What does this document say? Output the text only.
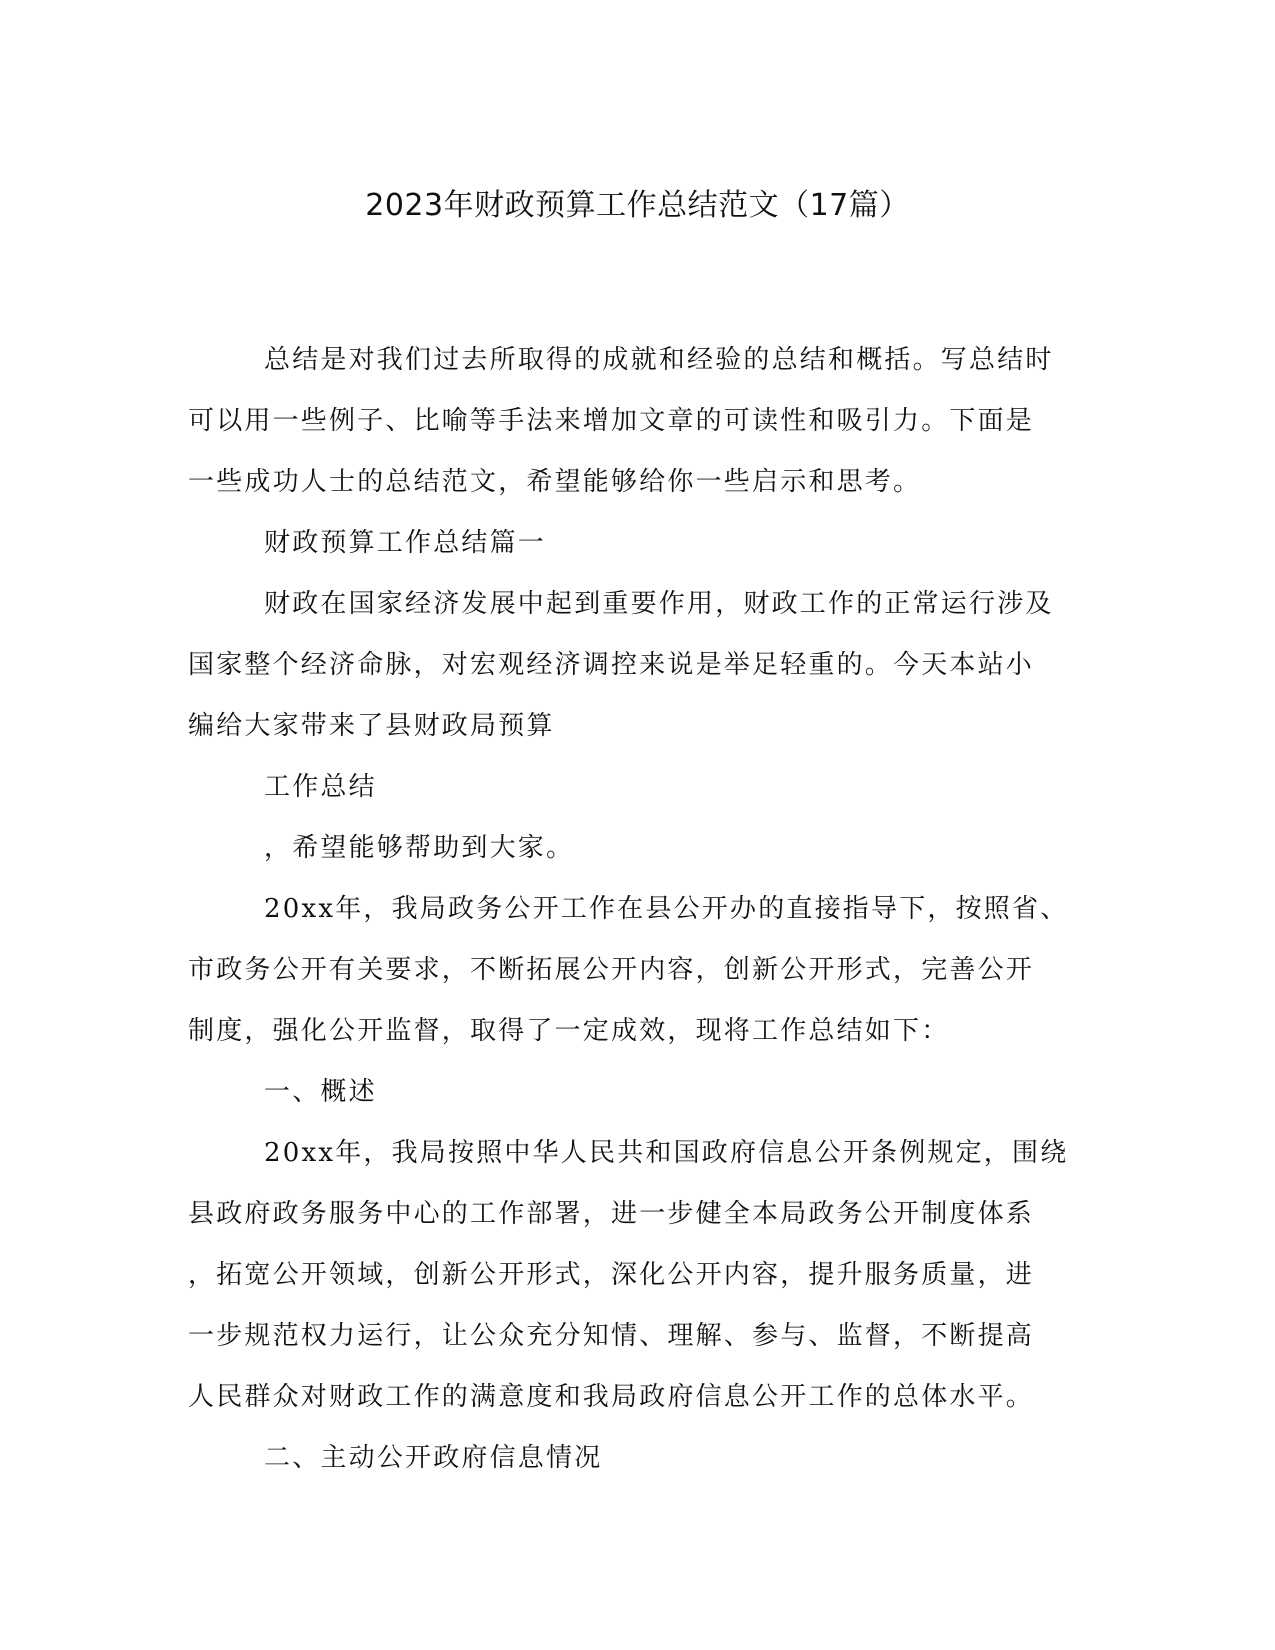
2023年财政预算工作总结范文（17篇）
总结是对我们过去所取得的成就和经验的总结和概括。写总结时
可以用一些例子、比喻等手法来增加文章的可读性和吸引力。下面是
一些成功人士的总结范文，希望能够给你一些启示和思考。
财政预算工作总结篇一
财政在国家经济发展中起到重要作用，财政工作的正常运行涉及
国家整个经济命脉，对宏观经济调控来说是举足轻重的。今天本站小
编给大家带来了县财政局预算
工作总结
，希望能够帮助到大家。
20xx年，我局政务公开工作在县公开办的直接指导下，按照省、
市政务公开有关要求，不断拓展公开内容，创新公开形式，完善公开
制度，强化公开监督，取得了一定成效，现将工作总结如下：
一、概述
20xx年，我局按照中华人民共和国政府信息公开条例规定，围绕
县政府政务服务中心的工作部署，进一步健全本局政务公开制度体系
，拓宽公开领域，创新公开形式，深化公开内容，提升服务质量，进
一步规范权力运行，让公众充分知情、理解、参与、监督，不断提高
人民群众对财政工作的满意度和我局政府信息公开工作的总体水平。
二、主动公开政府信息情况
